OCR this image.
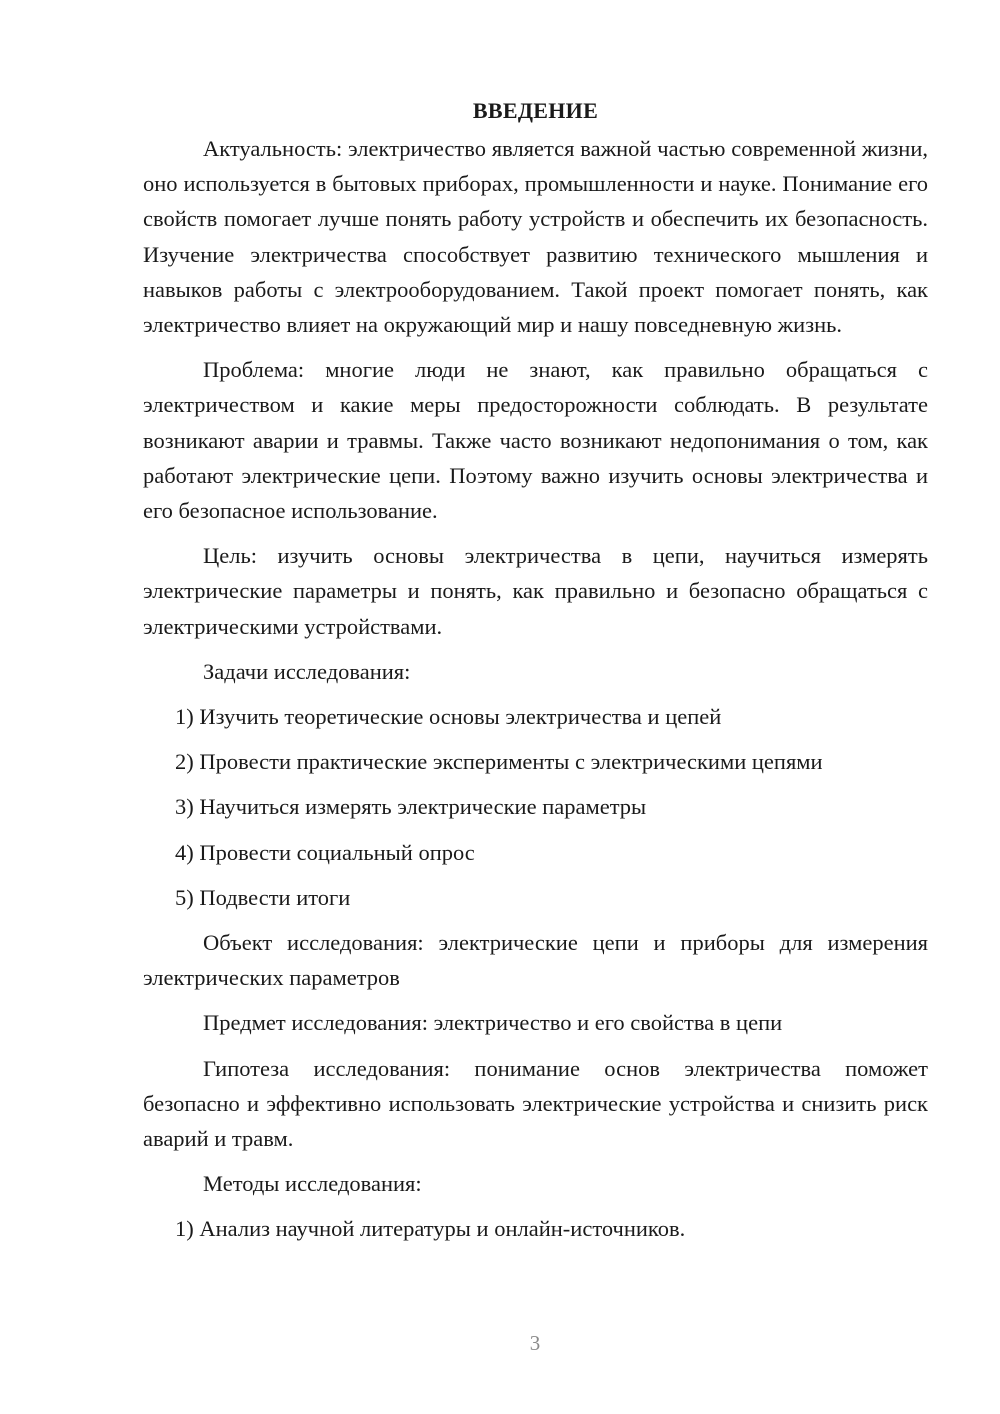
ВВЕДЕНИЕ

Актуальность: электричество является важной частью современной жизни, оно используется в бытовых приборах, промышленности и науке. Понимание его свойств помогает лучше понять работу устройств и обеспечить их безопасность. Изучение электричества способствует развитию технического мышления и навыков работы с электрооборудованием. Такой проект помогает понять, как электричество влияет на окружающий мир и нашу повседневную жизнь.

Проблема: многие люди не знают, как правильно обращаться с электричеством и какие меры предосторожности соблюдать. В результате возникают аварии и травмы. Также часто возникают недопонимания о том, как работают электрические цепи. Поэтому важно изучить основы электричества и его безопасное использование.

Цель: изучить основы электричества в цепи, научиться измерять электрические параметры и понять, как правильно и безопасно обращаться с электрическими устройствами.

Задачи исследования:
1) Изучить теоретические основы электричества и цепей
2) Провести практические эксперименты с электрическими цепями
3) Научиться измерять электрические параметры
4) Провести социальный опрос
5) Подвести итоги

Объект исследования: электрические цепи и приборы для измерения электрических параметров

Предмет исследования: электричество и его свойства в цепи

Гипотеза исследования: понимание основ электричества поможет безопасно и эффективно использовать электрические устройства и снизить риск аварий и травм.

Методы исследования:
1) Анализ научной литературы и онлайн-источников.
3
